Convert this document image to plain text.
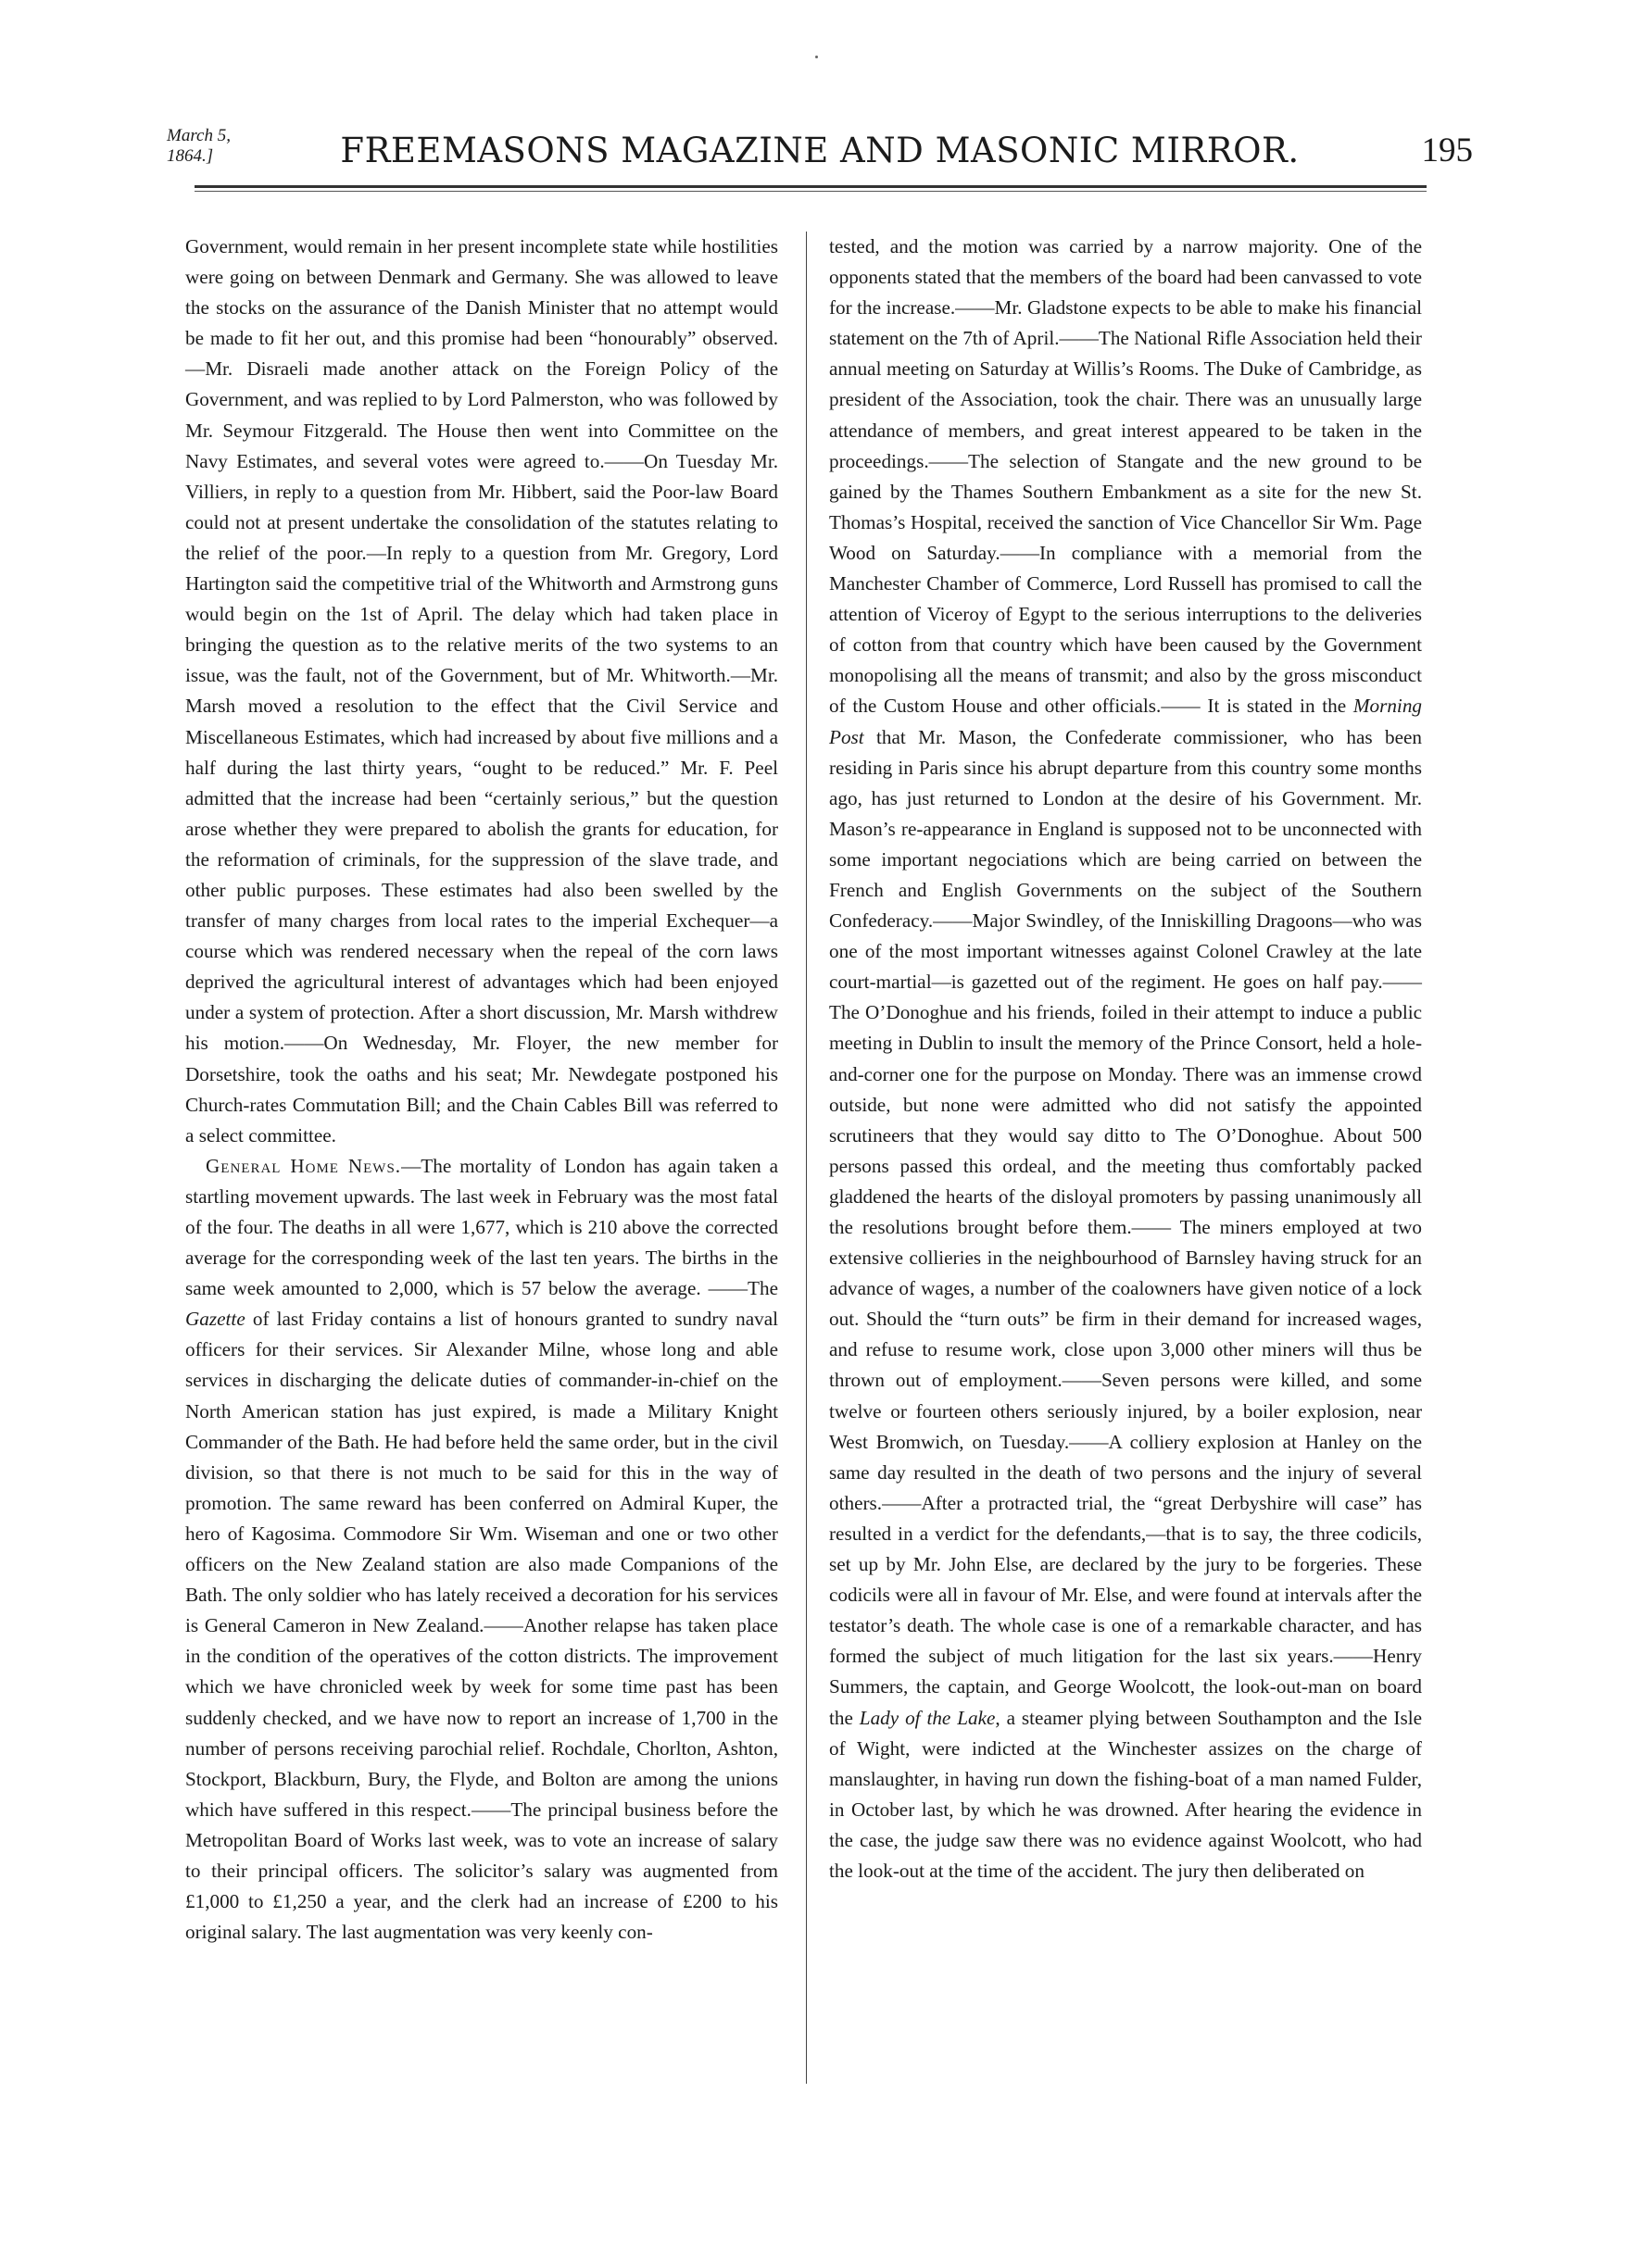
March 5, 1864.]	FREEMASONS MAGAZINE AND MASONIC MIRROR.	195

Government, would remain in her present incomplete state while hostilities were going on between Denmark and Germany. She was allowed to leave the stocks on the assurance of the Danish Minister that no attempt would be made to fit her out, and this promise had been “honourably” observed.—Mr. Disraeli made another attack on the Foreign Policy of the Government, and was replied to by Lord Palmerston, who was followed by Mr. Seymour Fitzgerald. The House then went into Committee on the Navy Estimates, and several votes were agreed to.——On Tuesday Mr. Villiers, in reply to a question from Mr. Hibbert, said the Poor-law Board could not at present undertake the consolidation of the statutes relating to the relief of the poor.—In reply to a question from Mr. Gregory, Lord Hartington said the competitive trial of the Whitworth and Armstrong guns would begin on the 1st of April. The delay which had taken place in bringing the question as to the relative merits of the two systems to an issue, was the fault, not of the Government, but of Mr. Whitworth.—Mr. Marsh moved a resolution to the effect that the Civil Service and Miscellaneous Estimates, which had increased by about five millions and a half during the last thirty years, “ought to be reduced.” Mr. F. Peel admitted that the increase had been “certainly serious,” but the question arose whether they were prepared to abolish the grants for education, for the reformation of criminals, for the suppression of the slave trade, and other public purposes. These estimates had also been swelled by the transfer of many charges from local rates to the imperial Exchequer—a course which was rendered necessary when the repeal of the corn laws deprived the agricultural interest of advantages which had been enjoyed under a system of protection. After a short discussion, Mr. Marsh withdrew his motion.——On Wednesday, Mr. Floyer, the new member for Dorsetshire, took the oaths and his seat; Mr. Newdegate postponed his Church-rates Commutation Bill; and the Chain Cables Bill was referred to a select committee.

General Home News.—The mortality of London has again taken a startling movement upwards. The last week in February was the most fatal of the four. The deaths in all were 1,677, which is 210 above the corrected average for the corresponding week of the last ten years. The births in the same week amounted to 2,000, which is 57 below the average. ——The Gazette of last Friday contains a list of honours granted to sundry naval officers for their services. Sir Alexander Milne, whose long and able services in discharging the delicate duties of commander-in-chief on the North American station has just expired, is made a Military Knight Commander of the Bath. He had before held the same order, but in the civil division, so that there is not much to be said for this in the way of promotion. The same reward has been conferred on Admiral Kuper, the hero of Kagosima. Commodore Sir Wm. Wiseman and one or two other officers on the New Zealand station are also made Companions of the Bath. The only soldier who has lately received a decoration for his services is General Cameron in New Zealand.——Another relapse has taken place in the condition of the operatives of the cotton districts. The improvement which we have chronicled week by week for some time past has been suddenly checked, and we have now to report an increase of 1,700 in the number of persons receiving parochial relief. Rochdale, Chorlton, Ashton, Stockport, Blackburn, Bury, the Flyde, and Bolton are among the unions which have suffered in this respect.——The principal business before the Metropolitan Board of Works last week, was to vote an increase of salary to their principal officers. The solicitor’s salary was augmented from £1,000 to £1,250 a year, and the clerk had an increase of £200 to his original salary. The last augmentation was very keenly con-

tested, and the motion was carried by a narrow majority. One of the opponents stated that the members of the board had been canvassed to vote for the increase.——Mr. Gladstone expects to be able to make his financial statement on the 7th of April.——The National Rifle Association held their annual meeting on Saturday at Willis’s Rooms. The Duke of Cambridge, as president of the Association, took the chair. There was an unusually large attendance of members, and great interest appeared to be taken in the proceedings.——The selection of Stangate and the new ground to be gained by the Thames Southern Embankment as a site for the new St. Thomas’s Hospital, received the sanction of Vice Chancellor Sir Wm. Page Wood on Saturday.——In compliance with a memorial from the Manchester Chamber of Commerce, Lord Russell has promised to call the attention of Viceroy of Egypt to the serious interruptions to the deliveries of cotton from that country which have been caused by the Government monopolising all the means of transmit; and also by the gross misconduct of the Custom House and other officials.—— It is stated in the Morning Post that Mr. Mason, the Confederate commissioner, who has been residing in Paris since his abrupt departure from this country some months ago, has just returned to London at the desire of his Government. Mr. Mason’s re-appearance in England is supposed not to be unconnected with some important negociations which are being carried on between the French and English Governments on the subject of the Southern Confederacy.——Major Swindley, of the Inniskilling Dragoons—who was one of the most important witnesses against Colonel Crawley at the late court-martial—is gazetted out of the regiment. He goes on half pay.——The O’Donoghue and his friends, foiled in their attempt to induce a public meeting in Dublin to insult the memory of the Prince Consort, held a hole-and-corner one for the purpose on Monday. There was an immense crowd outside, but none were admitted who did not satisfy the appointed scrutineers that they would say ditto to The O’Donoghue. About 500 persons passed this ordeal, and the meeting thus comfortably packed gladdened the hearts of the disloyal promoters by passing unanimously all the resolutions brought before them.—— The miners employed at two extensive collieries in the neighbourhood of Barnsley having struck for an advance of wages, a number of the coalowners have given notice of a lock out. Should the “turn outs” be firm in their demand for increased wages, and refuse to resume work, close upon 3,000 other miners will thus be thrown out of employment.——Seven persons were killed, and some twelve or fourteen others seriously injured, by a boiler explosion, near West Bromwich, on Tuesday.——A colliery explosion at Hanley on the same day resulted in the death of two persons and the injury of several others.——After a protracted trial, the “great Derbyshire will case” has resulted in a verdict for the defendants,—that is to say, the three codicils, set up by Mr. John Else, are declared by the jury to be forgeries. These codicils were all in favour of Mr. Else, and were found at intervals after the testator’s death. The whole case is one of a remarkable character, and has formed the subject of much litigation for the last six years.——Henry Summers, the captain, and George Woolcott, the look-out-man on board the Lady of the Lake, a steamer plying between Southampton and the Isle of Wight, were indicted at the Winchester assizes on the charge of manslaughter, in having run down the fishing-boat of a man named Fulder, in October last, by which he was drowned. After hearing the evidence in the case, the judge saw there was no evidence against Woolcott, who had the look-out at the time of the accident. The jury then deliberated on
